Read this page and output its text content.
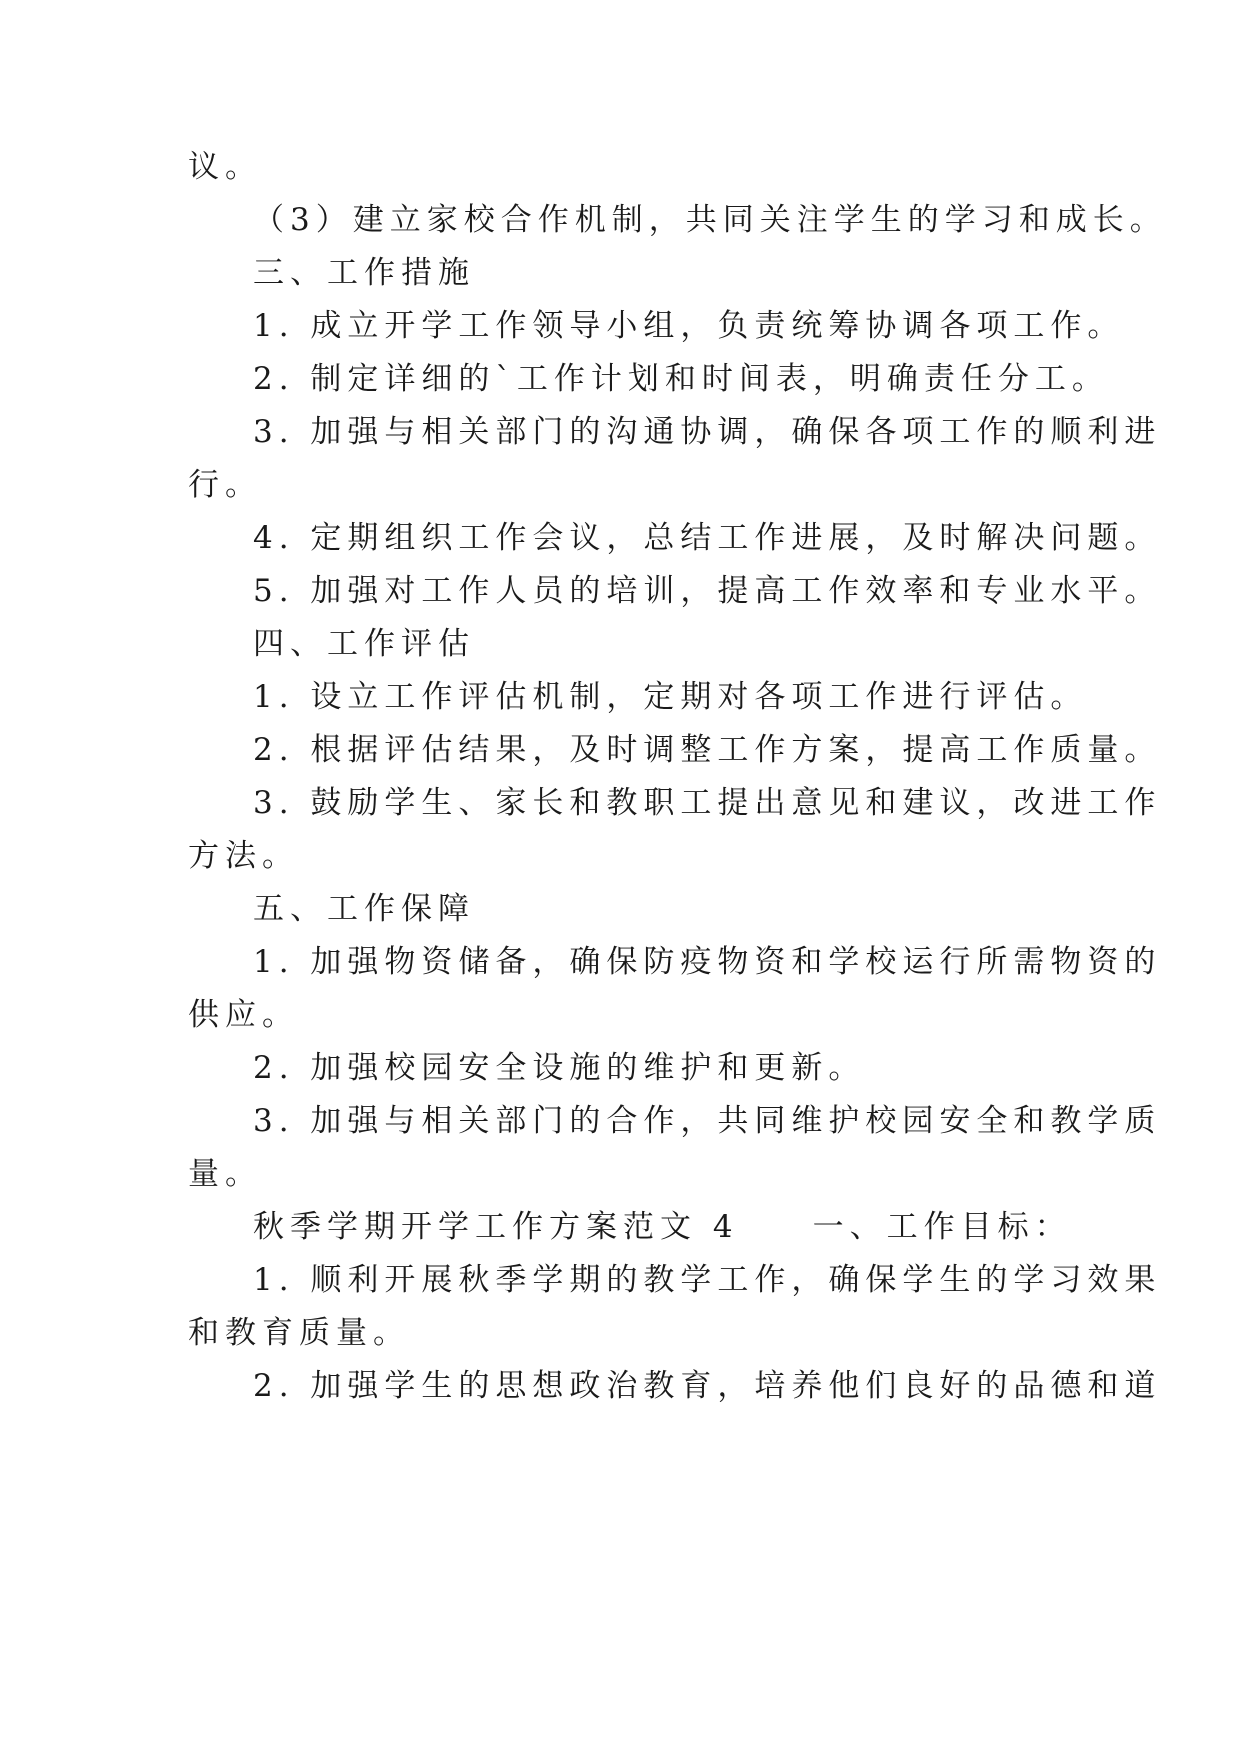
议。
（3）建立家校合作机制，共同关注学生的学习和成长。
三、工作措施
1. 成立开学工作领导小组，负责统筹协调各项工作。
2. 制定详细的`工作计划和时间表，明确责任分工。
3. 加强与相关部门的沟通协调，确保各项工作的顺利进
行。
4. 定期组织工作会议，总结工作进展，及时解决问题。
5. 加强对工作人员的培训，提高工作效率和专业水平。
四、工作评估
1. 设立工作评估机制，定期对各项工作进行评估。
2. 根据评估结果，及时调整工作方案，提高工作质量。
3. 鼓励学生、家长和教职工提出意见和建议，改进工作
方法。
五、工作保障
1. 加强物资储备，确保防疫物资和学校运行所需物资的
供应。
2. 加强校园安全设施的维护和更新。
3. 加强与相关部门的合作，共同维护校园安全和教学质
量。
秋季学期开学工作方案范文 4　　一、工作目标：
1. 顺利开展秋季学期的教学工作，确保学生的学习效果
和教育质量。
2. 加强学生的思想政治教育，培养他们良好的品德和道
